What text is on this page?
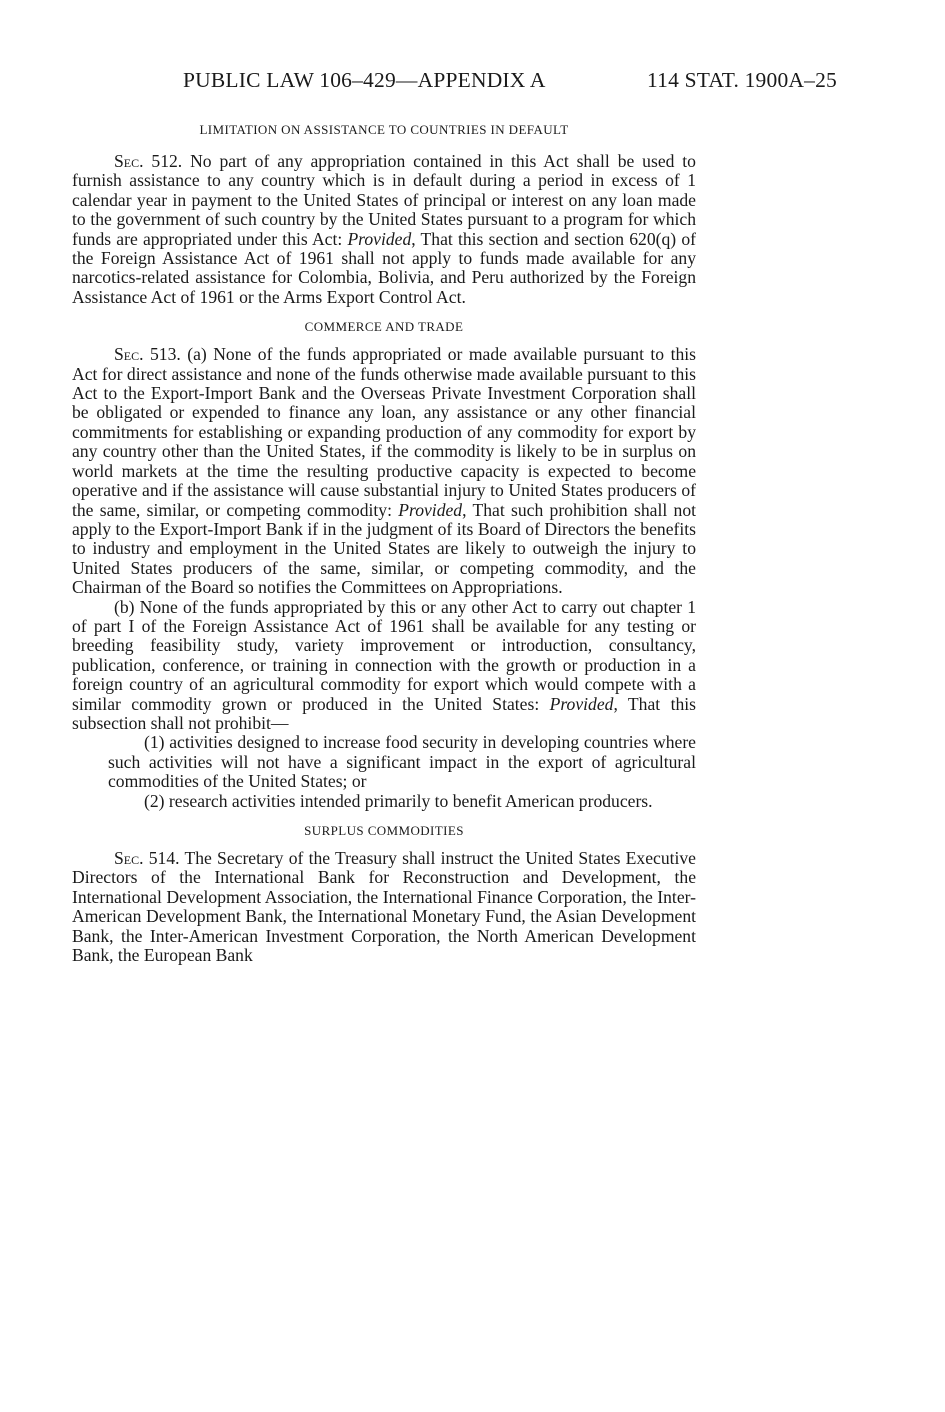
PUBLIC LAW 106–429—APPENDIX A	114 STAT. 1900A–25

LIMITATION ON ASSISTANCE TO COUNTRIES IN DEFAULT

Sec. 512. No part of any appropriation contained in this Act shall be used to furnish assistance to any country which is in default during a period in excess of 1 calendar year in payment to the United States of principal or interest on any loan made to the government of such country by the United States pursuant to a program for which funds are appropriated under this Act: Provided, That this section and section 620(q) of the Foreign Assistance Act of 1961 shall not apply to funds made available for any narcotics-related assistance for Colombia, Bolivia, and Peru authorized by the Foreign Assistance Act of 1961 or the Arms Export Control Act.

COMMERCE AND TRADE

Sec. 513. (a) None of the funds appropriated or made available pursuant to this Act for direct assistance and none of the funds otherwise made available pursuant to this Act to the Export-Import Bank and the Overseas Private Investment Corporation shall be obligated or expended to finance any loan, any assistance or any other financial commitments for establishing or expanding production of any commodity for export by any country other than the United States, if the commodity is likely to be in surplus on world markets at the time the resulting productive capacity is expected to become operative and if the assistance will cause substantial injury to United States producers of the same, similar, or competing commodity: Provided, That such prohibition shall not apply to the Export-Import Bank if in the judgment of its Board of Directors the benefits to industry and employment in the United States are likely to outweigh the injury to United States producers of the same, similar, or competing commodity, and the Chairman of the Board so notifies the Committees on Appropriations.

(b) None of the funds appropriated by this or any other Act to carry out chapter 1 of part I of the Foreign Assistance Act of 1961 shall be available for any testing or breeding feasibility study, variety improvement or introduction, consultancy, publication, conference, or training in connection with the growth or production in a foreign country of an agricultural commodity for export which would compete with a similar commodity grown or produced in the United States: Provided, That this subsection shall not prohibit—

(1) activities designed to increase food security in developing countries where such activities will not have a significant impact in the export of agricultural commodities of the United States; or

(2) research activities intended primarily to benefit American producers.

SURPLUS COMMODITIES

Sec. 514. The Secretary of the Treasury shall instruct the United States Executive Directors of the International Bank for Reconstruction and Development, the International Development Association, the International Finance Corporation, the Inter-American Development Bank, the International Monetary Fund, the Asian Development Bank, the Inter-American Investment Corporation, the North American Development Bank, the European Bank
